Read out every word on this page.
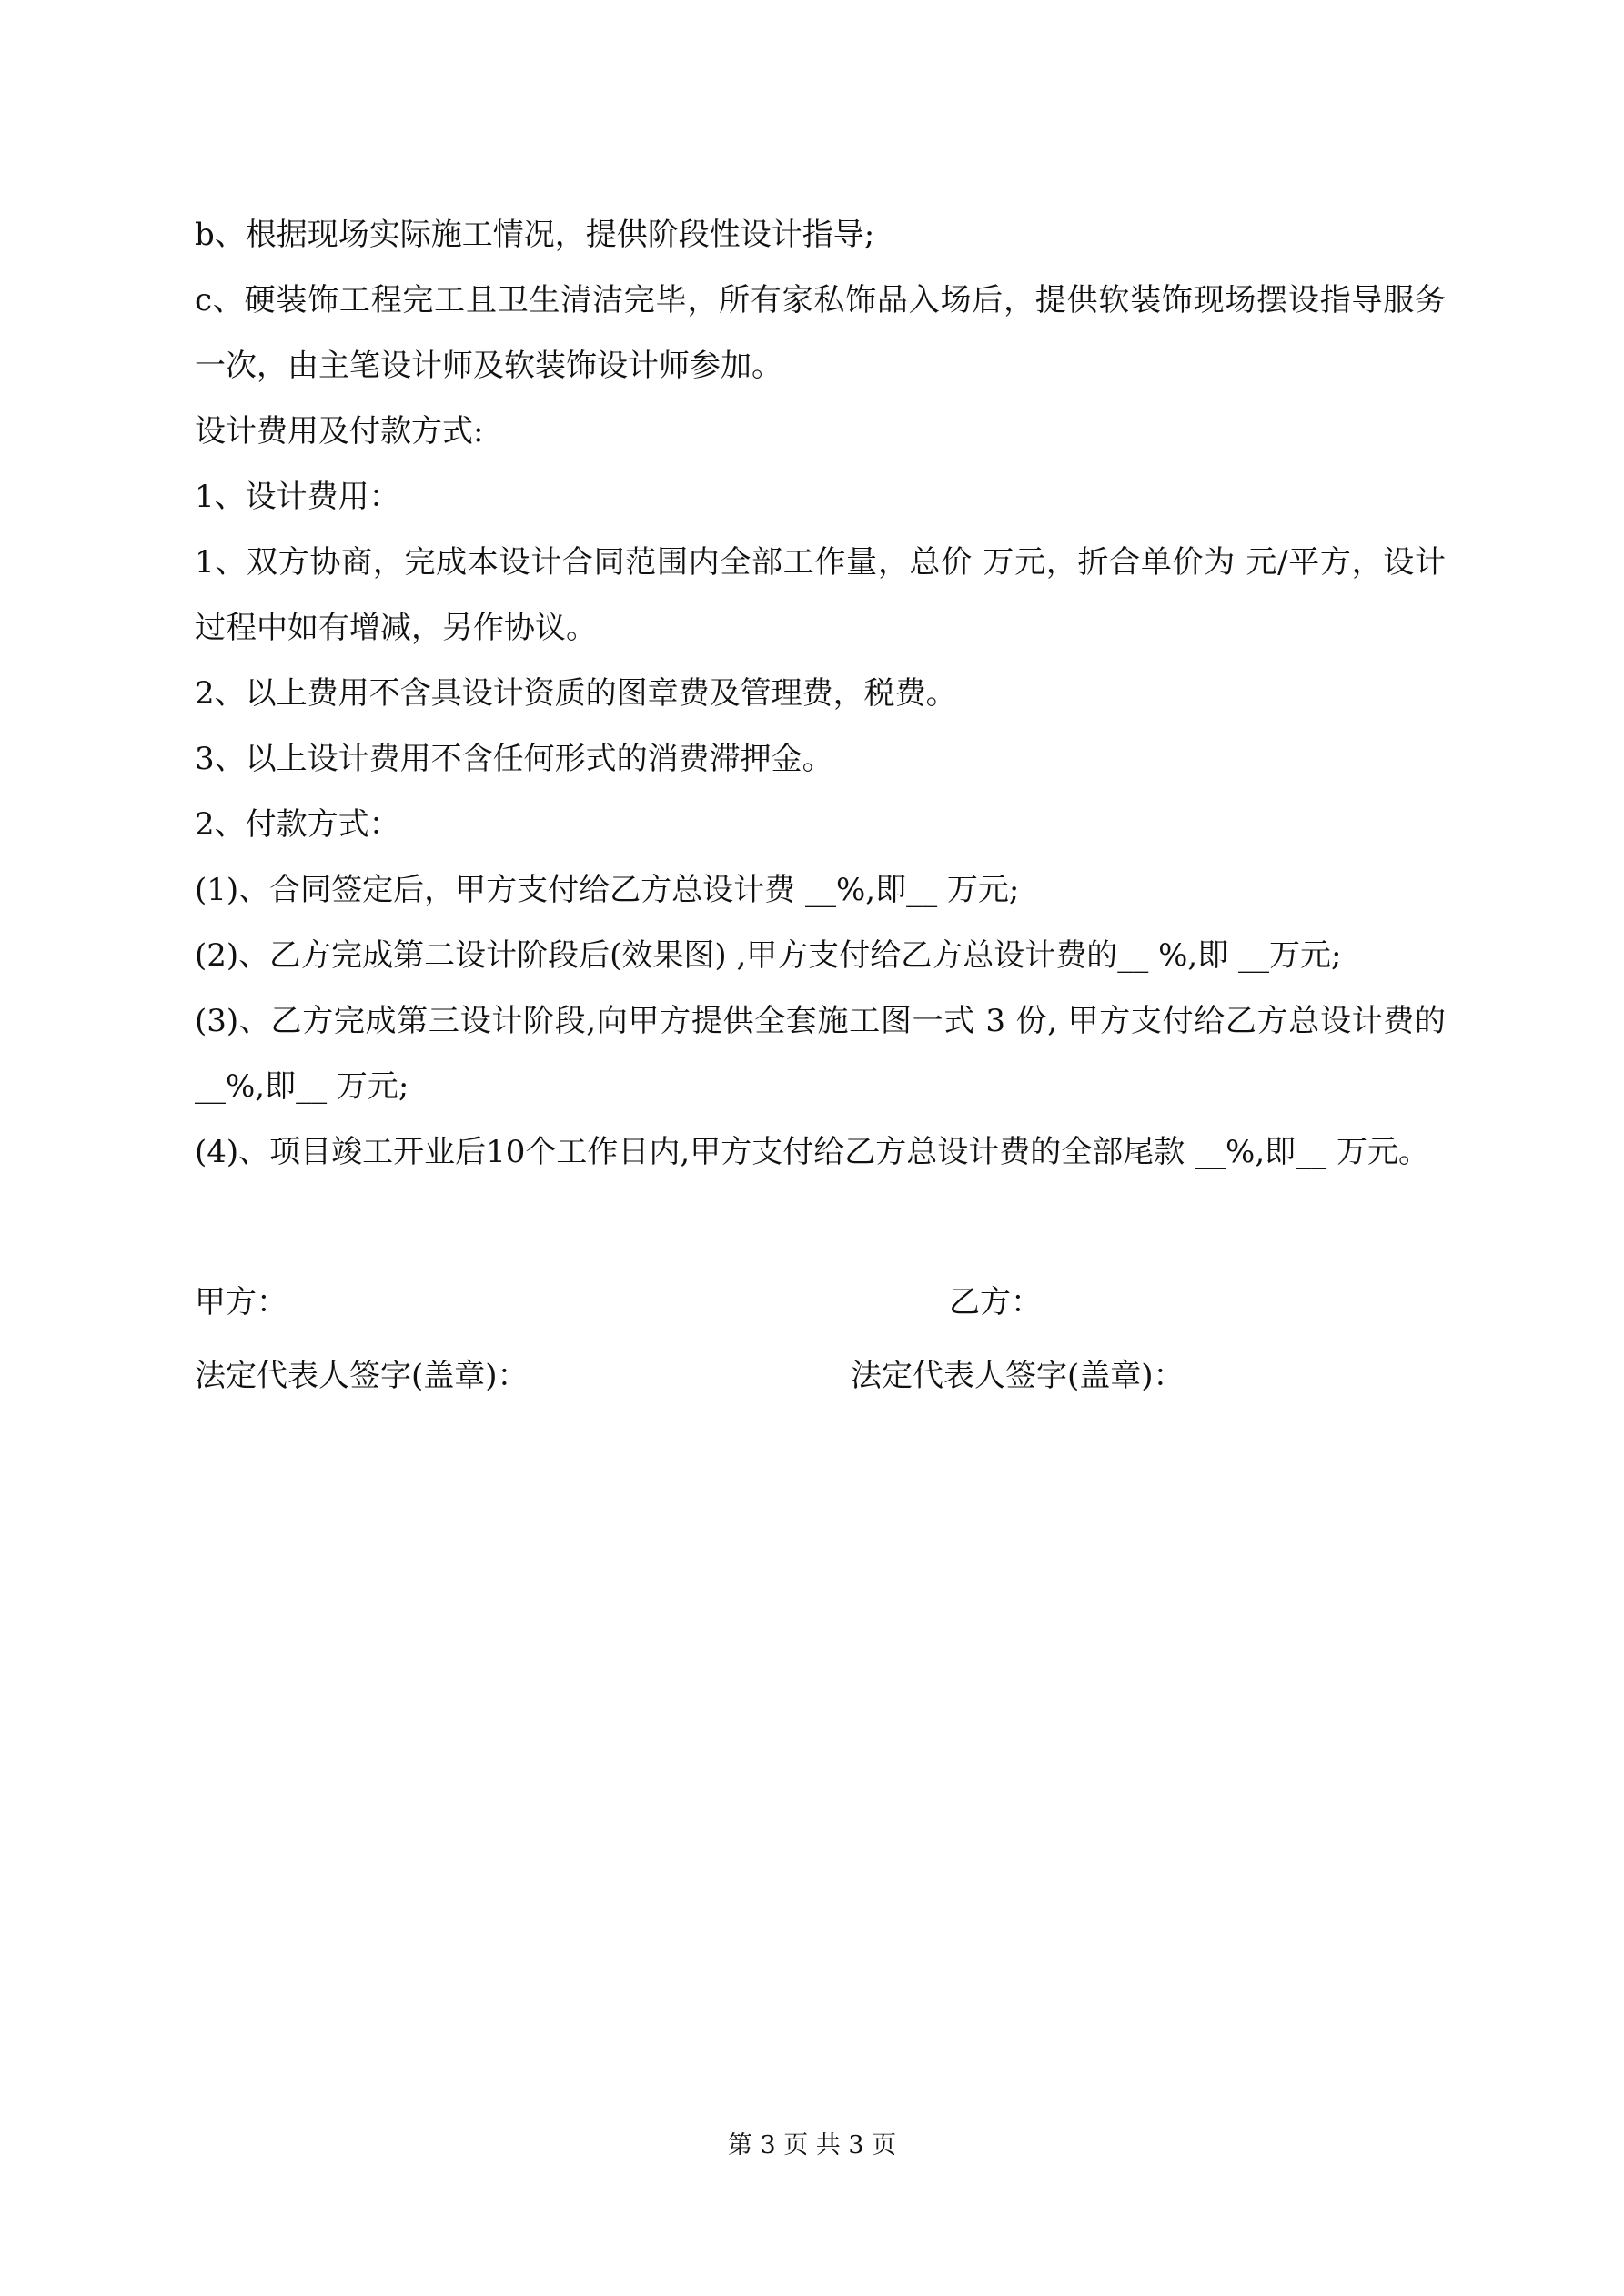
b、根据现场实际施工情况，提供阶段性设计指导;

c、硬装饰工程完工且卫生清洁完毕，所有家私饰品入场后，提供软装饰现场摆设指导服务一次，由主笔设计师及软装饰设计师参加。

设计费用及付款方式:

1、设计费用：

1、双方协商，完成本设计合同范围内全部工作量，总价 万元，折合单价为 元/平方，设计过程中如有增减，另作协议。

2、以上费用不含具设计资质的图章费及管理费，税费。

3、以上设计费用不含任何形式的消费滞押金。

2、付款方式：

(1)、合同签定后，甲方支付给乙方总设计费 __%,即__ 万元;

(2)、乙方完成第二设计阶段后(效果图) ,甲方支付给乙方总设计费的__ %,即 __万元;

(3)、乙方完成第三设计阶段,向甲方提供全套施工图一式 3 份, 甲方支付给乙方总设计费的 __%,即__ 万元;

(4)、项目竣工开业后10个工作日内,甲方支付给乙方总设计费的全部尾款 __%,即__ 万元。

甲方：	乙方：
法定代表人签字(盖章)：	法定代表人签字(盖章)：
第 3 页 共 3 页
